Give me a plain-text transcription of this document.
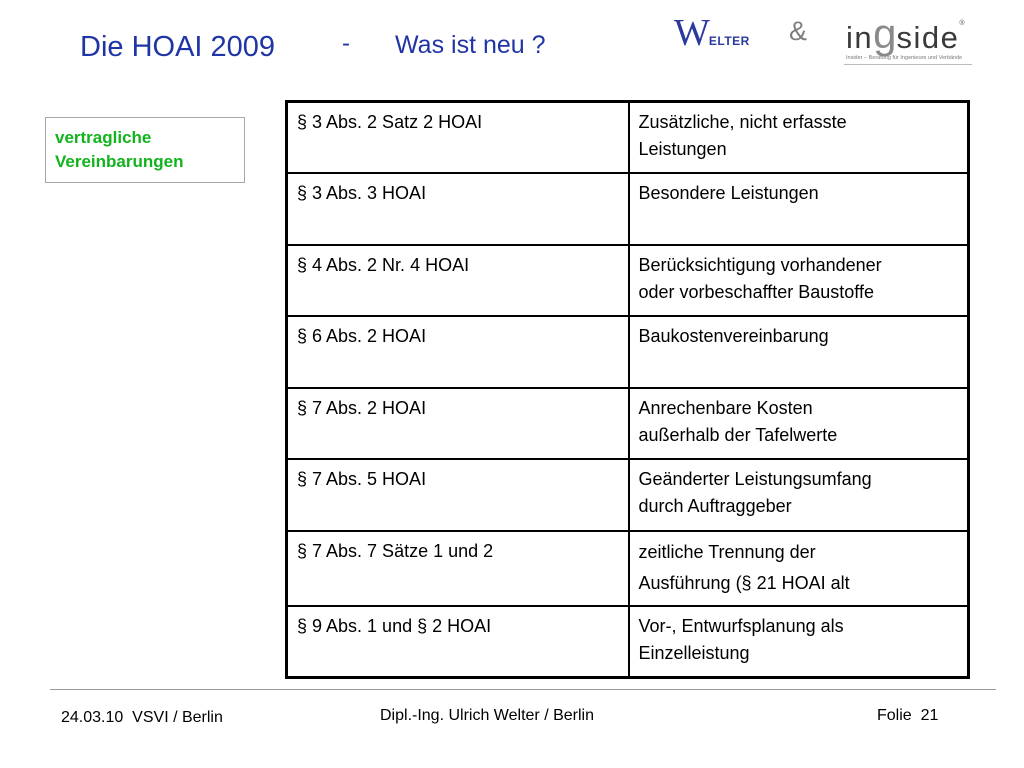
Die HOAI 2009	- Was ist neu ?	WELTER & ingside®
Insider – Beratung für Ingenieure und Verbände
vertragliche
Vereinbarungen
§ 3 Abs. 2 Satz 2 HOAI	Zusätzliche, nicht erfasste
Leistungen
§ 3 Abs. 3 HOAI	Besondere Leistungen
§ 4 Abs. 2 Nr. 4 HOAI	Berücksichtigung vorhandener
oder vorbeschaffter Baustoffe
§ 6 Abs. 2 HOAI	Baukostenvereinbarung
§ 7 Abs. 2 HOAI	Anrechenbare Kosten
außerhalb der Tafelwerte
§ 7 Abs. 5 HOAI	Geänderter Leistungsumfang
durch Auftraggeber
§ 7 Abs. 7 Sätze 1 und 2	zeitliche Trennung der
Ausführung (§ 21 HOAI alt
§ 9 Abs. 1 und § 2 HOAI	Vor-, Entwurfsplanung als
Einzelleistung
24.03.10  VSVI / Berlin	Dipl.-Ing. Ulrich Welter / Berlin	Folie  21
